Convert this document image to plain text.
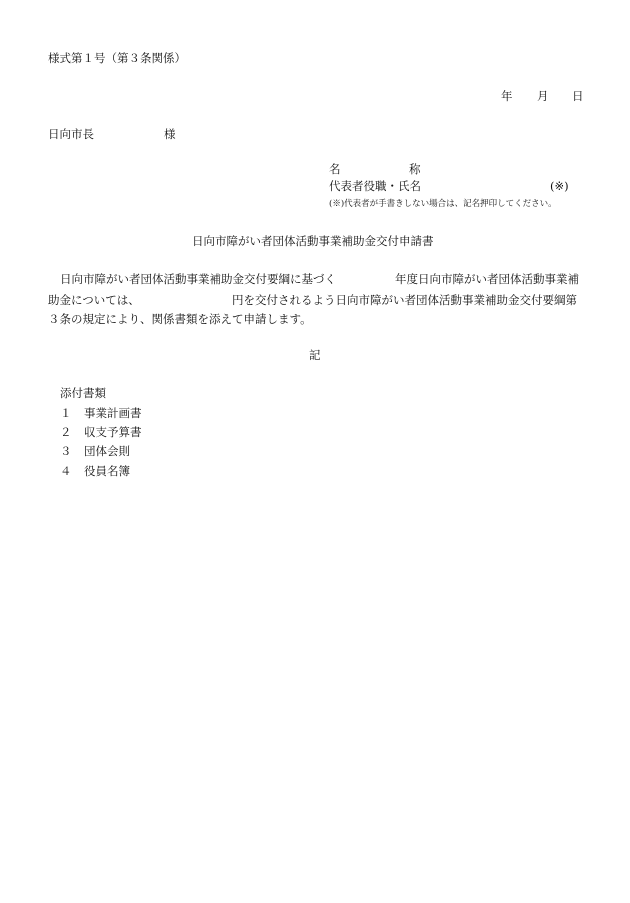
様式第１号（第３条関係）
年 月 日
日向市長	様
名	称
代表者役職・氏名	(※)
(※)代表者が手書きしない場合は、記名押印してください。
日向市障がい者団体活動事業補助金交付申請書
日向市障がい者団体活動事業補助金交付要綱に基づく	年度日向市障がい者団体活動事業補
助金については、	円を交付されるよう日向市障がい者団体活動事業補助金交付要綱第
３条の規定により、関係書類を添えて申請します。
記
添付書類
１ 事業計画書
２ 収支予算書
３ 団体会則
４ 役員名簿
